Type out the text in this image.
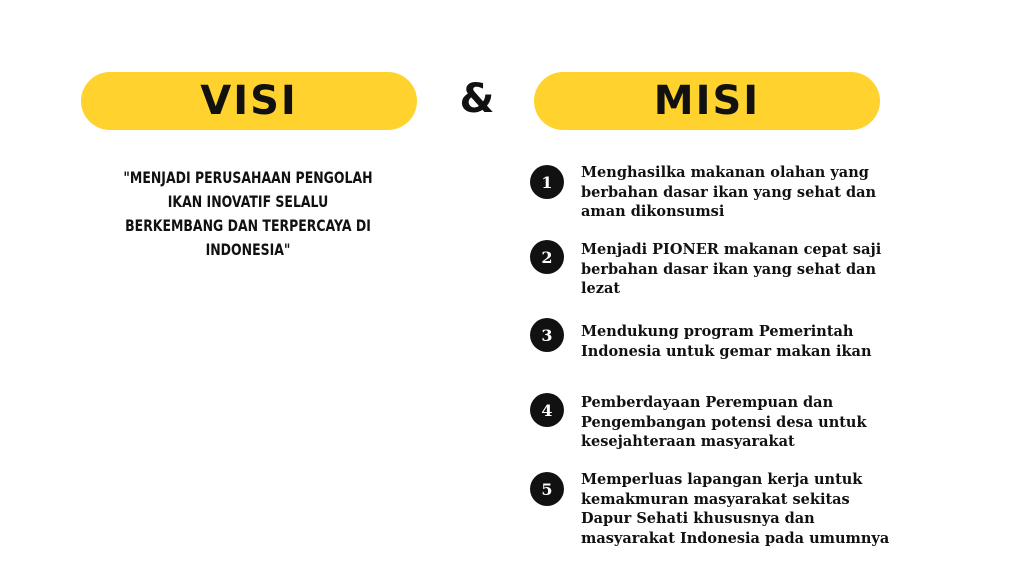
VISI	&	MISI
"MENJADI PERUSAHAAN PENGOLAH IKAN INOVATIF SELALU BERKEMBANG DAN TERPERCAYA DI INDONESIA"
1	Menghasilka makanan olahan yang berbahan dasar ikan yang sehat dan aman dikonsumsi
2	Menjadi PIONER makanan cepat saji berbahan dasar ikan yang sehat dan lezat
3	Mendukung program Pemerintah Indonesia untuk gemar makan ikan
4	Pemberdayaan Perempuan dan Pengembangan potensi desa untuk kesejahteraan masyarakat
5	Memperluas lapangan kerja untuk kemakmuran masyarakat sekitas Dapur Sehati khususnya dan masyarakat Indonesia pada umumnya
